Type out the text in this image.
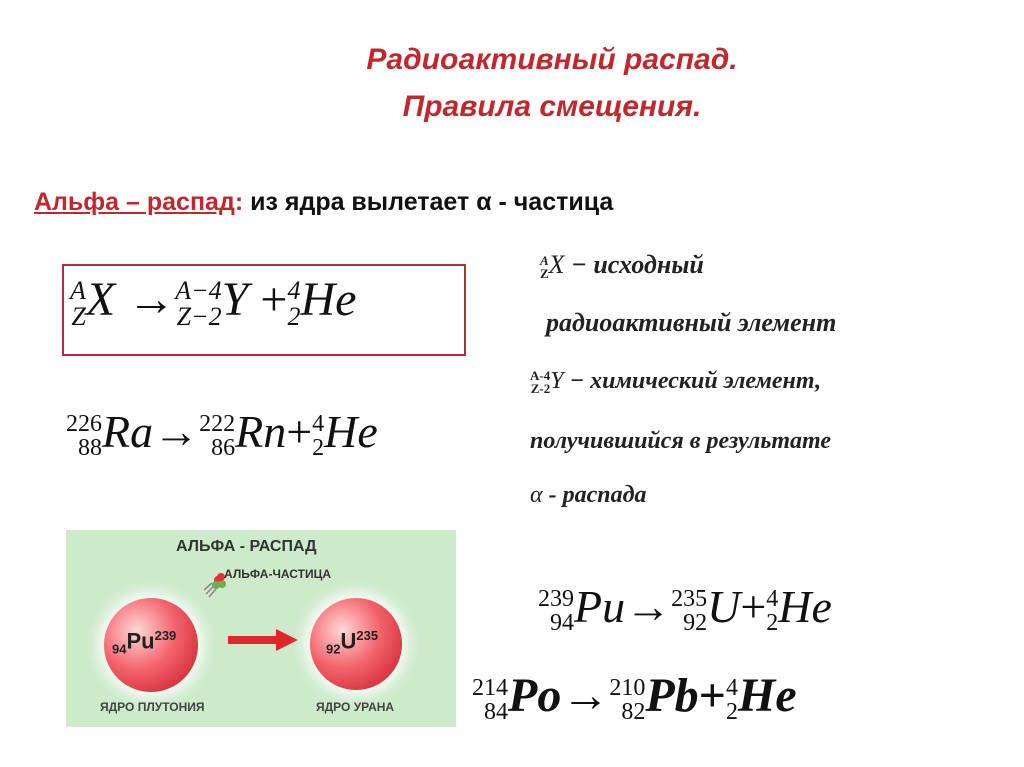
Радиоактивный распад.
Правила смещения.
Альфа – распад: из ядра вылетает α - частица
A
Z X → A−4
Z−2 Y + 4
2 He
226
88 Ra→ 222
86 Rn+ 4
2 He
A
Z X − исходный
радиоактивный элемент
A-4
Z-2 Y − химический элемент,
получившийся в результате
α - распада
239
94 Pu→ 235
92 U+ 4
2 He
214
84 Po→ 210
82 Pb+ 4
2 He
АЛЬФА - РАСПАД
АЛЬФА-ЧАСТИЦА
$_{94}Pu^{239}$
ЯДРО ПЛУТОНИЯ
$_{92}U^{235}$
ЯДРО УРАНА
